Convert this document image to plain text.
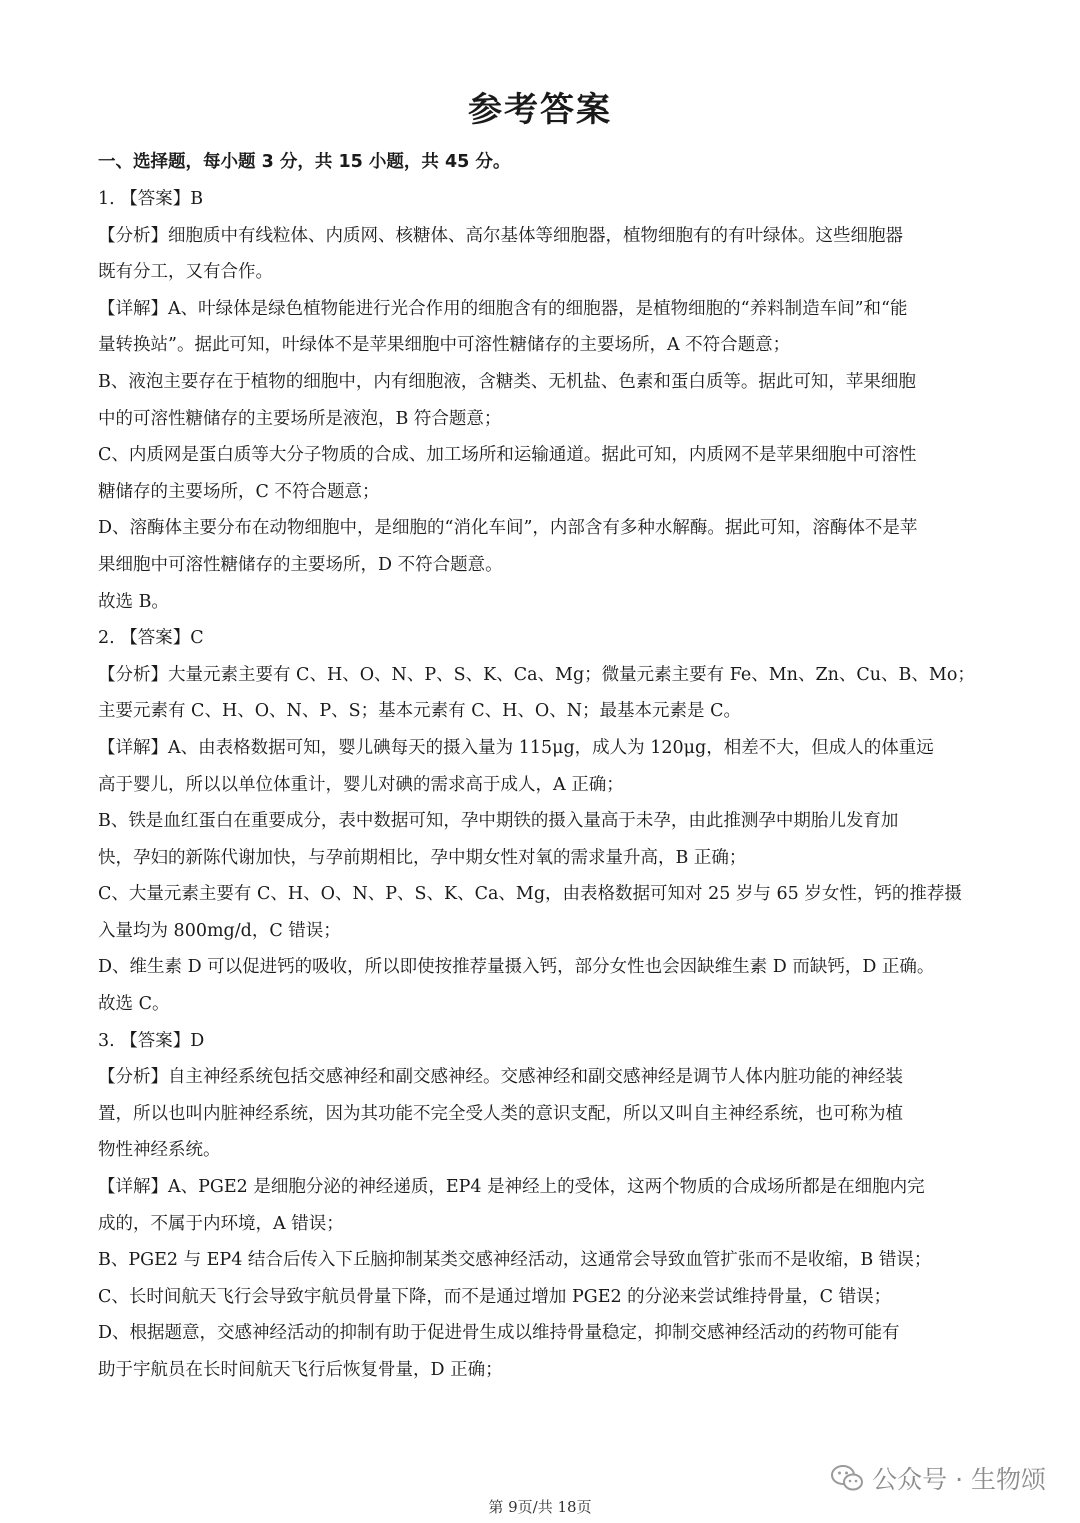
参考答案
一、选择题，每小题 3 分，共 15 小题，共 45 分。

1. 【答案】B

【分析】细胞质中有线粒体、内质网、核糖体、高尔基体等细胞器，植物细胞有的有叶绿体。这些细胞器

既有分工，又有合作。

【详解】A、叶绿体是绿色植物能进行光合作用的细胞含有的细胞器，是植物细胞的“养料制造车间”和“能

量转换站”。据此可知，叶绿体不是苹果细胞中可溶性糖储存的主要场所，A 不符合题意；

B、液泡主要存在于植物的细胞中，内有细胞液，含糖类、无机盐、色素和蛋白质等。据此可知，苹果细胞

中的可溶性糖储存的主要场所是液泡，B 符合题意；

C、内质网是蛋白质等大分子物质的合成、加工场所和运输通道。据此可知，内质网不是苹果细胞中可溶性

糖储存的主要场所，C 不符合题意；

D、溶酶体主要分布在动物细胞中，是细胞的“消化车间”，内部含有多种水解酶。据此可知，溶酶体不是苹

果细胞中可溶性糖储存的主要场所，D 不符合题意。

故选 B。

2. 【答案】C

【分析】大量元素主要有 C、H、O、N、P、S、K、Ca、Mg；微量元素主要有 Fe、Mn、Zn、Cu、B、Mo；

主要元素有 C、H、O、N、P、S；基本元素有 C、H、O、N；最基本元素是 C。

【详解】A、由表格数据可知，婴儿碘每天的摄入量为 115μg，成人为 120μg，相差不大，但成人的体重远

高于婴儿，所以以单位体重计，婴儿对碘的需求高于成人，A 正确；

B、铁是血红蛋白在重要成分，表中数据可知，孕中期铁的摄入量高于未孕，由此推测孕中期胎儿发育加

快，孕妇的新陈代谢加快，与孕前期相比，孕中期女性对氧的需求量升高，B 正确；

C、大量元素主要有 C、H、O、N、P、S、K、Ca、Mg，由表格数据可知对 25 岁与 65 岁女性，钙的推荐摄

入量均为 800mg/d，C 错误；

D、维生素 D 可以促进钙的吸收，所以即使按推荐量摄入钙，部分女性也会因缺维生素 D 而缺钙，D 正确。

故选 C。

3. 【答案】D

【分析】自主神经系统包括交感神经和副交感神经。交感神经和副交感神经是调节人体内脏功能的神经装

置，所以也叫内脏神经系统，因为其功能不完全受人类的意识支配，所以又叫自主神经系统，也可称为植

物性神经系统。

【详解】A、PGE2 是细胞分泌的神经递质，EP4 是神经上的受体，这两个物质的合成场所都是在细胞内完

成的，不属于内环境，A 错误；

B、PGE2 与 EP4 结合后传入下丘脑抑制某类交感神经活动，这通常会导致血管扩张而不是收缩，B 错误；

C、长时间航天飞行会导致宇航员骨量下降，而不是通过增加 PGE2 的分泌来尝试维持骨量，C 错误；

D、根据题意，交感神经活动的抑制有助于促进骨生成以维持骨量稳定，抑制交感神经活动的药物可能有

助于宇航员在长时间航天飞行后恢复骨量，D 正确；

公众号 · 生物颂
第 9页/共 18页
